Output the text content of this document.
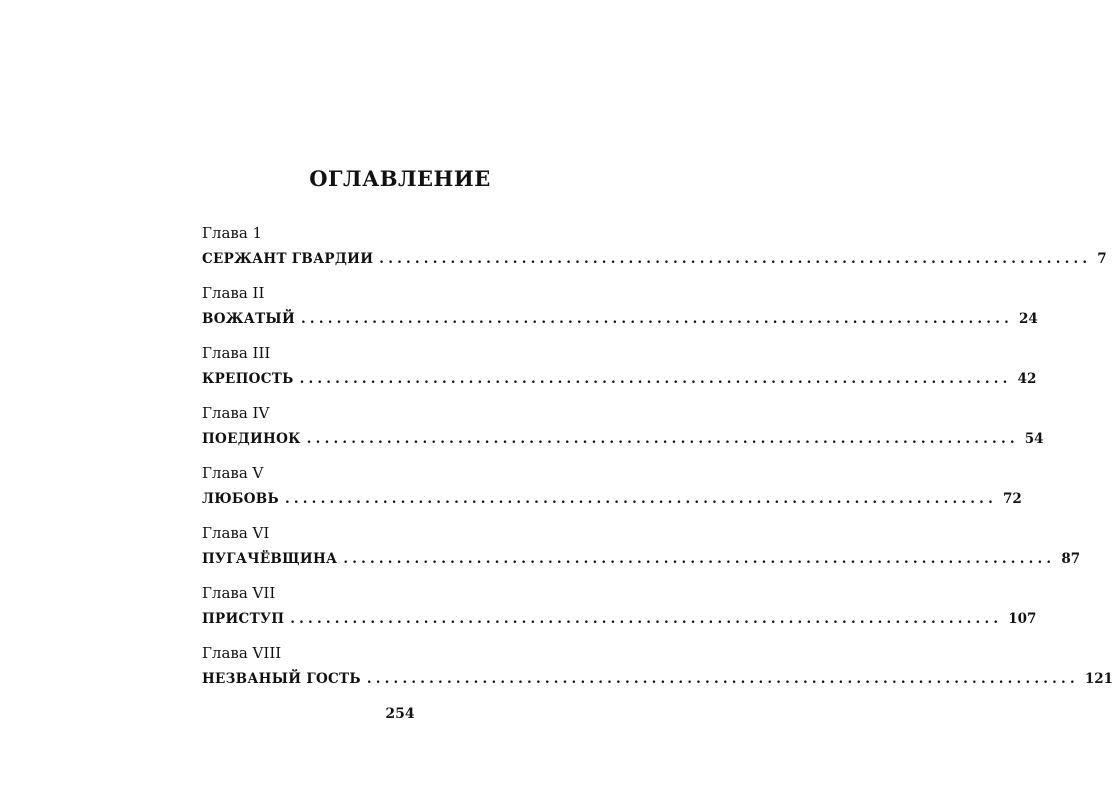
ОГЛАВЛЕНИЕ
Глава 1
СЕРЖАНТ ГВАРДИИ ................................................................................ 7
Глава II
ВОЖАТЫЙ ................................................................................ 24
Глава III
КРЕПОСТЬ ................................................................................ 42
Глава IV
ПОЕДИНОК ................................................................................ 54
Глава V
ЛЮБОВЬ ................................................................................ 72
Глава VI
ПУГАЧЁВЩИНА ................................................................................ 87
Глава VII
ПРИСТУП ................................................................................ 107
Глава VIII
НЕЗВАНЫЙ ГОСТЬ ................................................................................ 121
254
